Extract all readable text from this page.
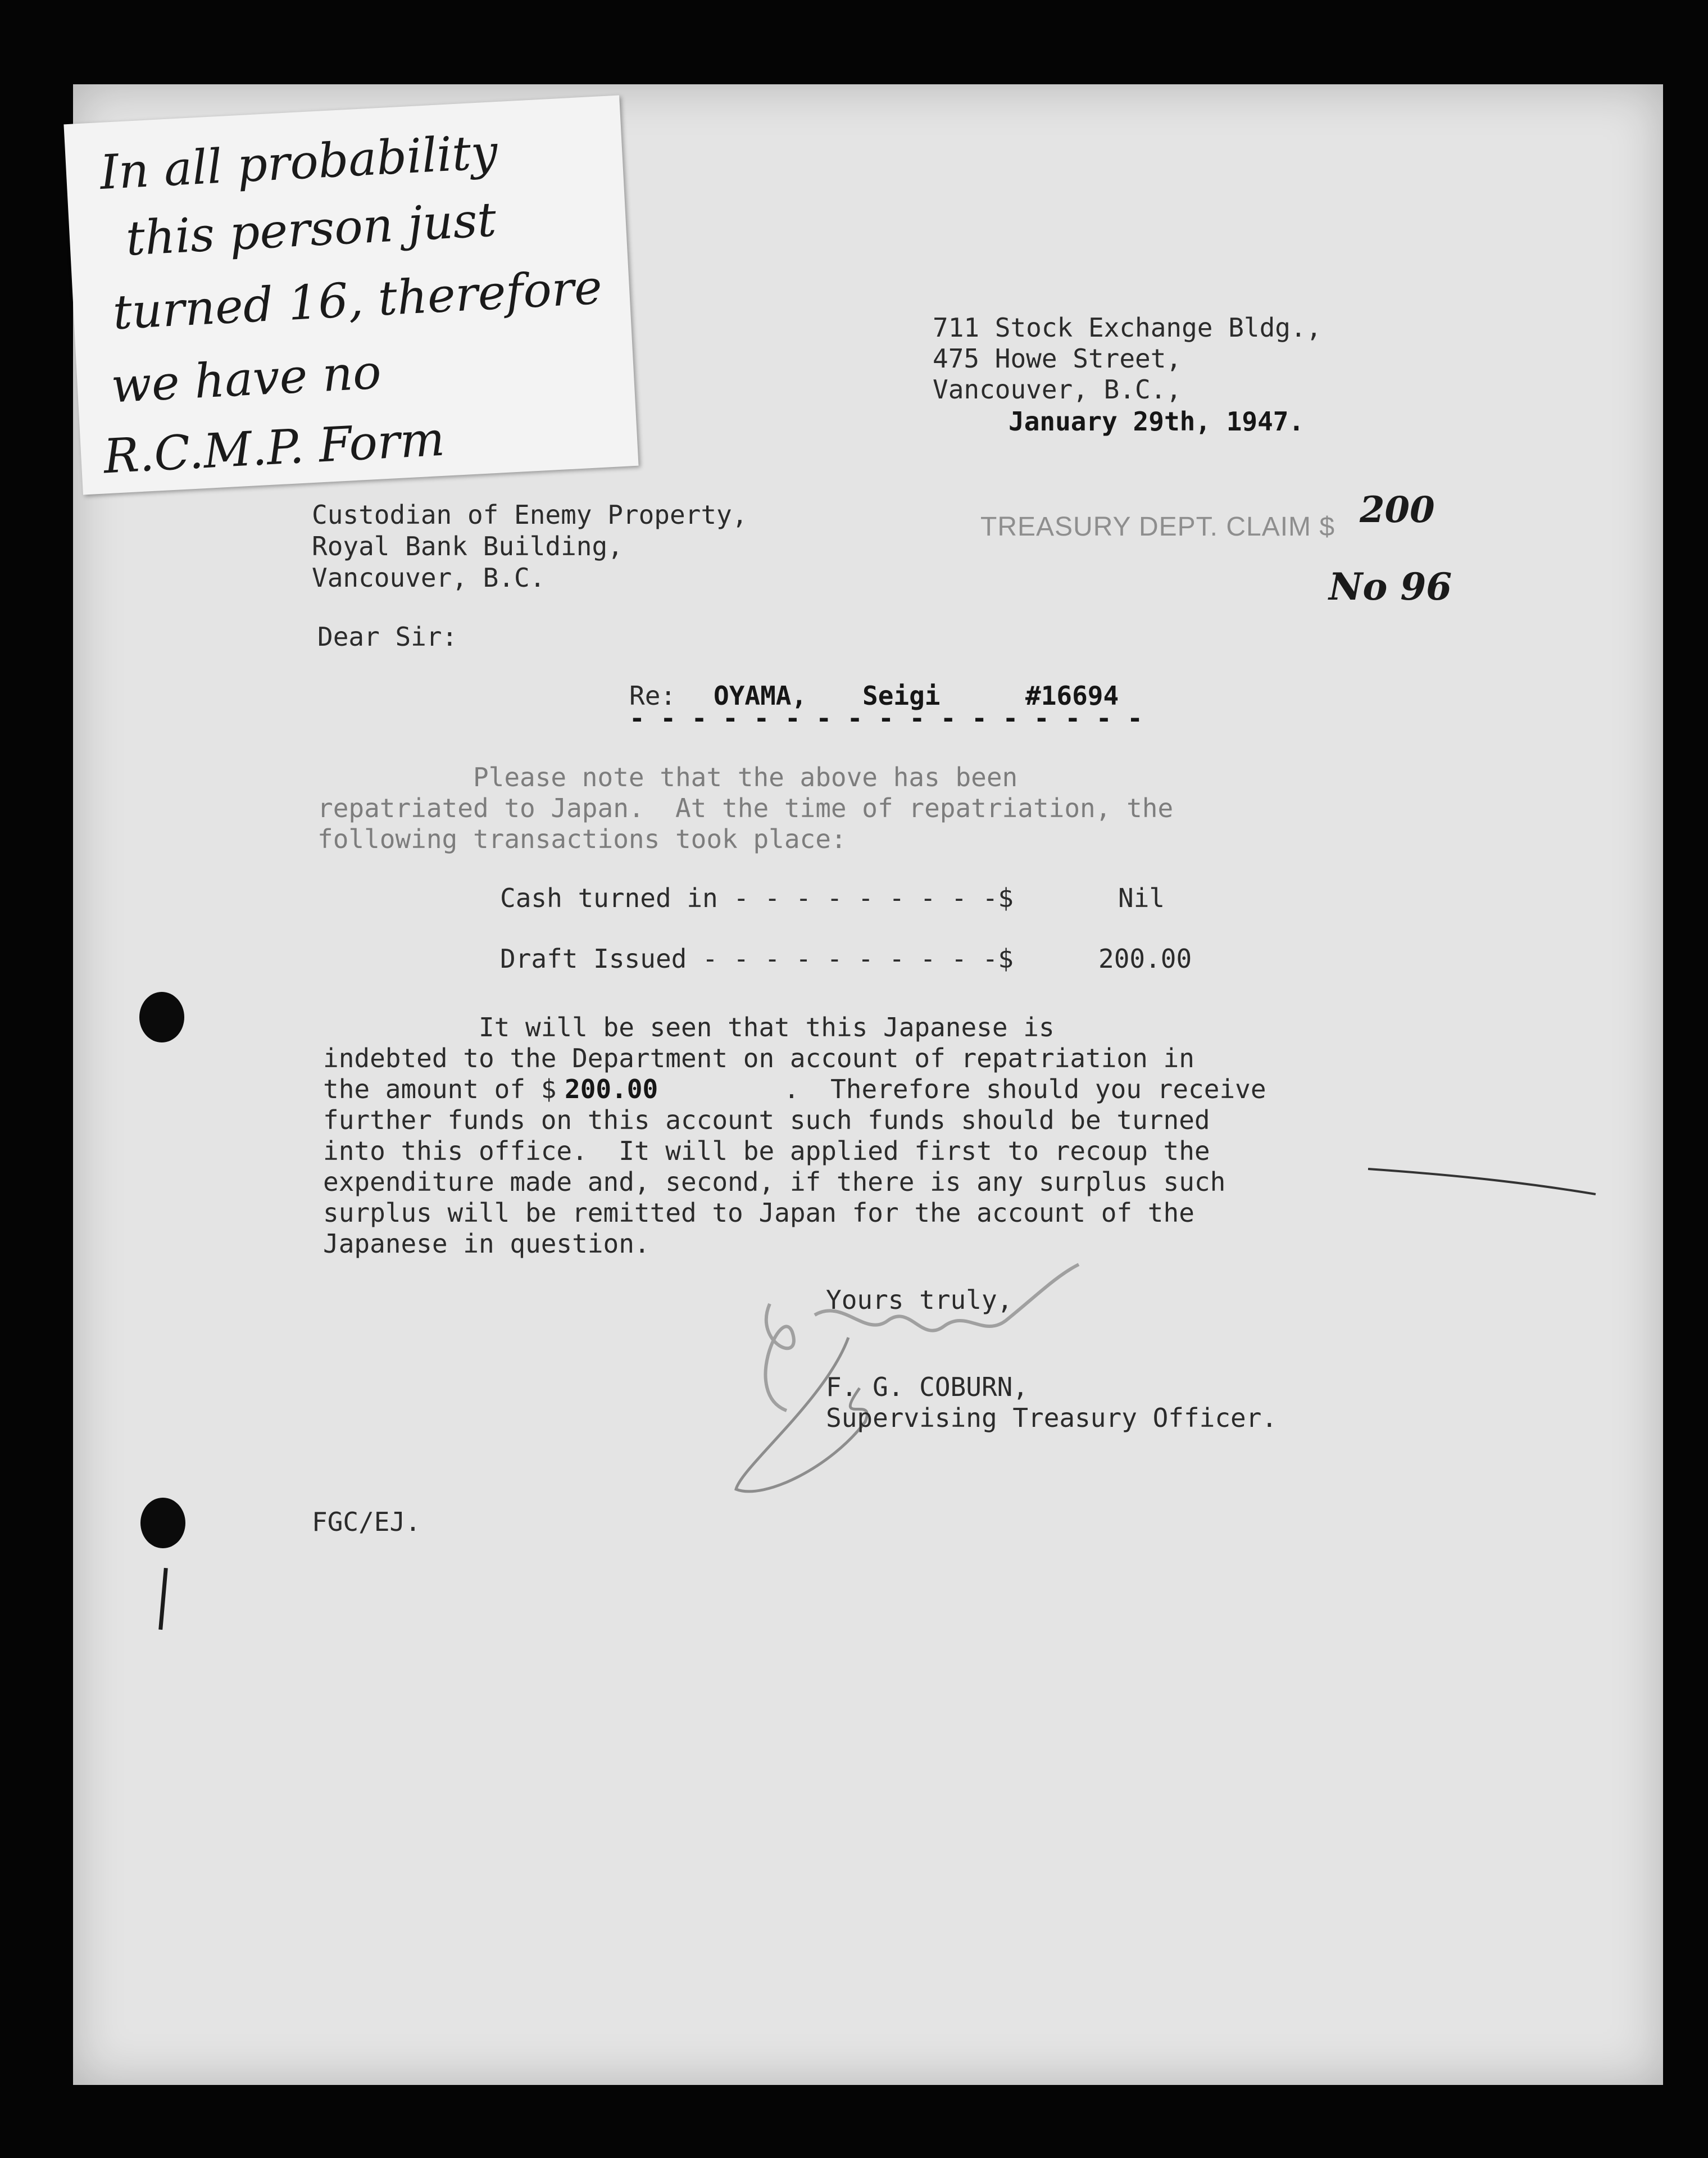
In all probability
this person just
turned 16, therefore
we have no
R.C.M.P. Form
711 Stock Exchange Bldg.,
475 Howe Street,
Vancouver, B.C.,
January 29th, 1947.
Custodian of Enemy Property,
Royal Bank Building,
Vancouver, B.C.
TREASURY DEPT. CLAIM $ 200
No 96
Dear Sir:
Re: OYAMA, Seigi	#16694
- - - - - - - - - - - - - - - - -
Please note that the above has been
repatriated to Japan.  At the time of repatriation, the
following transactions took place:
Cash turned in - - - - - - - - -$	Nil
Draft Issued - - - - - - - - - -$	200.00
It will be seen that this Japanese is
indebted to the Department on account of repatriation in
the amount of $ 200.00	.  Therefore should you receive
further funds on this account such funds should be turned
into this office.  It will be applied first to recoup the
expenditure made and, second, if there is any surplus such
surplus will be remitted to Japan for the account of the
Japanese in question.
Yours truly,
F. G. COBURN,
Supervising Treasury Officer.
FGC/EJ.
